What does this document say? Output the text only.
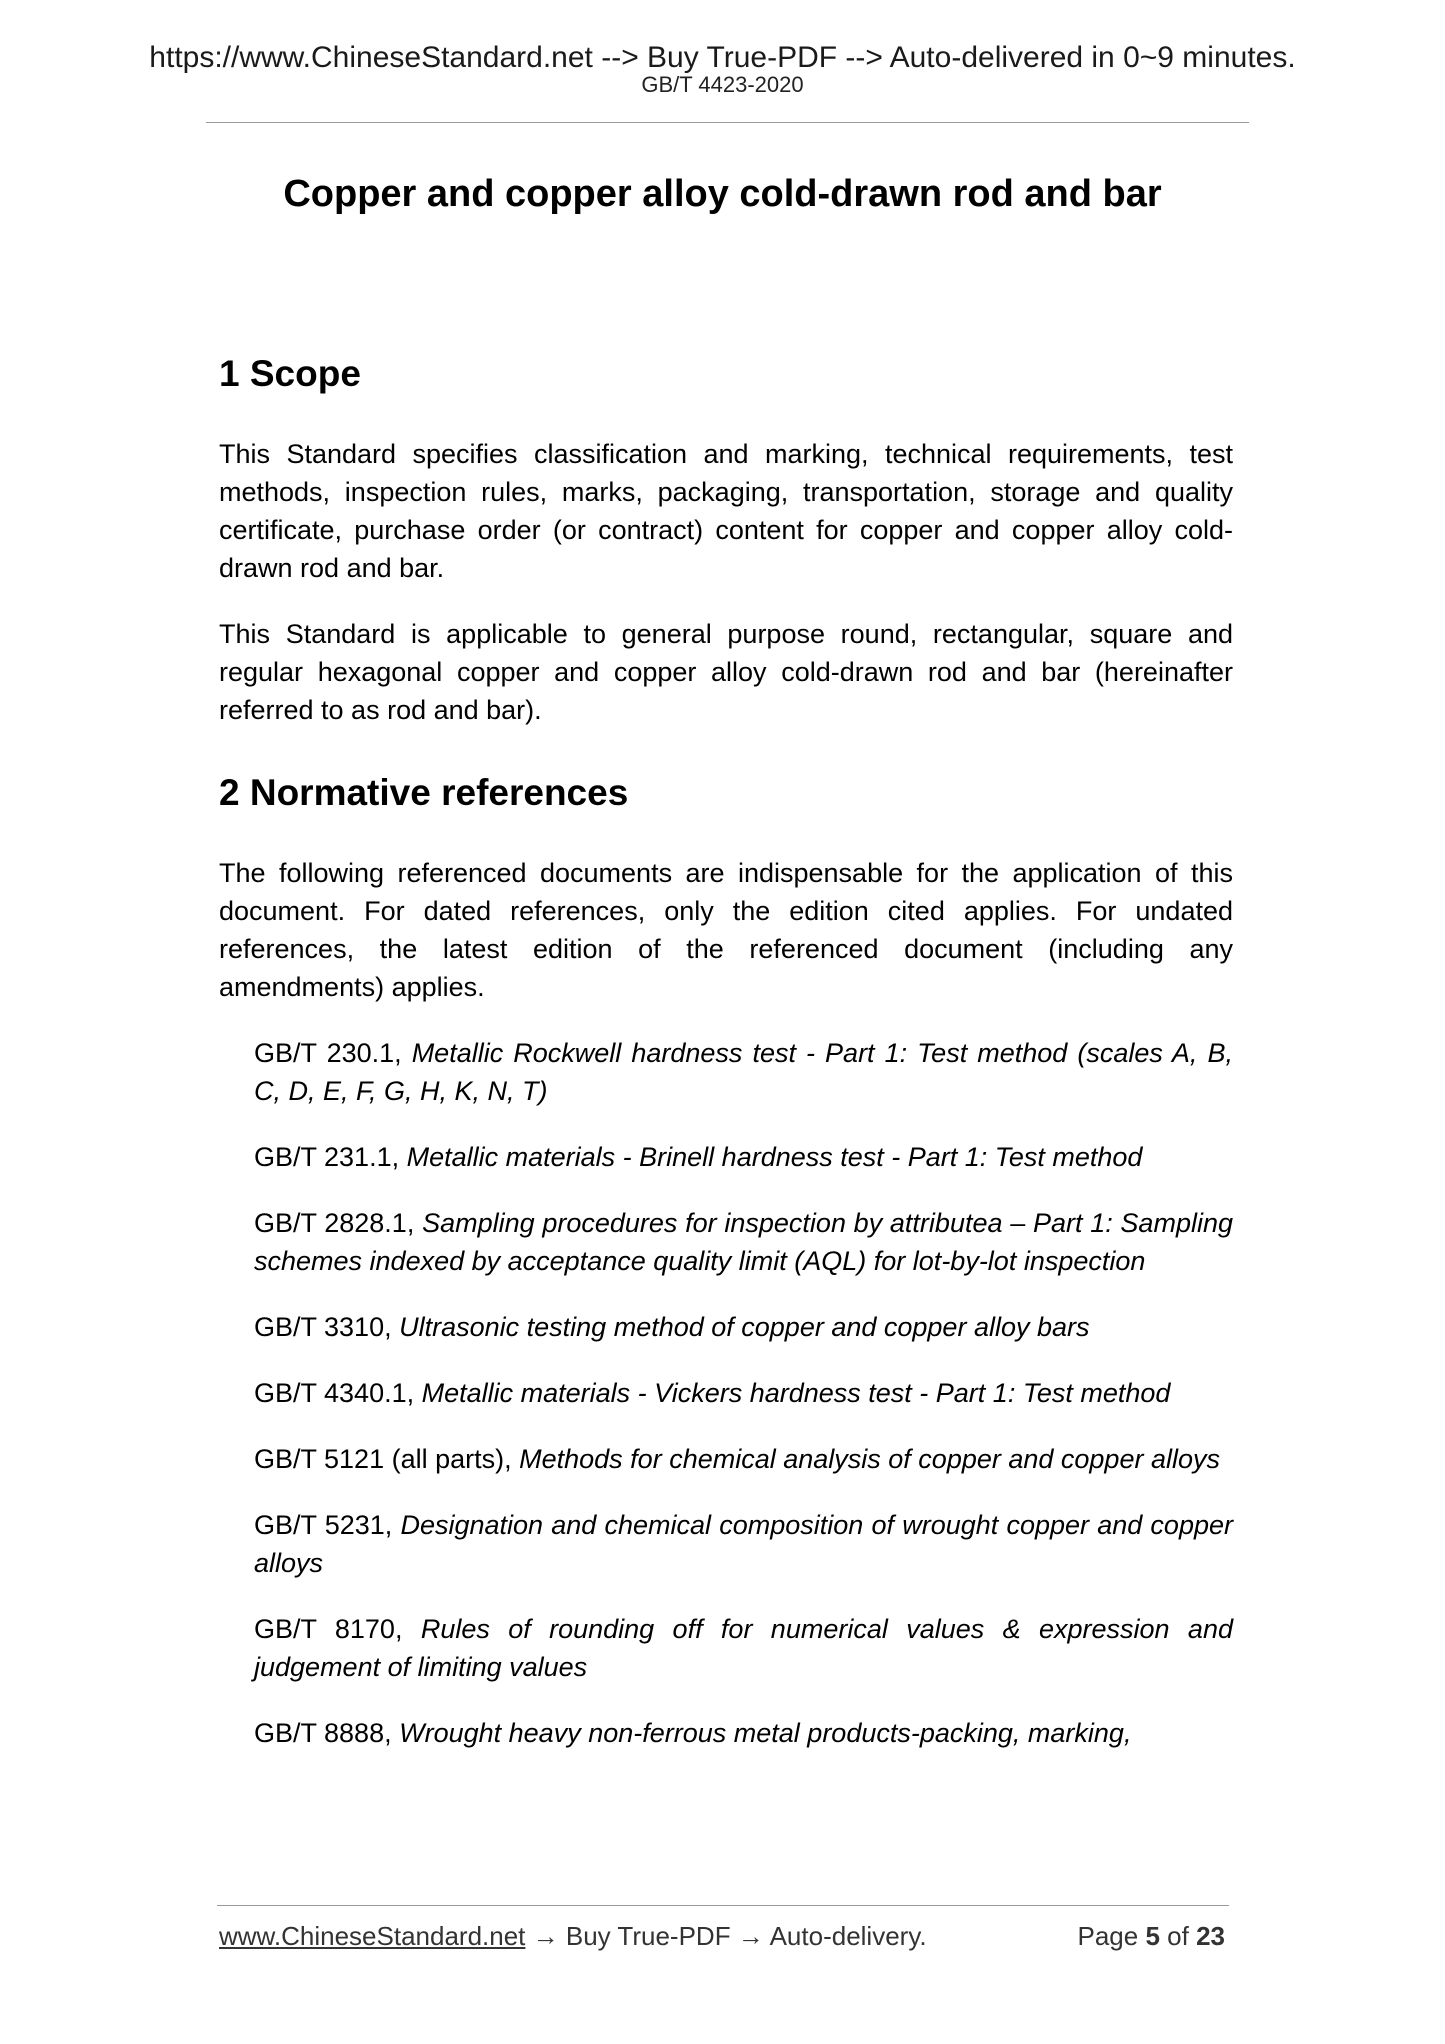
https://www.ChineseStandard.net --> Buy True-PDF --> Auto-delivered in 0~9 minutes.

GB/T 4423-2020

Copper and copper alloy cold-drawn rod and bar
1 Scope

This Standard specifies classification and marking, technical requirements, test methods, inspection rules, marks, packaging, transportation, storage and quality certificate, purchase order (or contract) content for copper and copper alloy cold-drawn rod and bar.

This Standard is applicable to general purpose round, rectangular, square and regular hexagonal copper and copper alloy cold-drawn rod and bar (hereinafter referred to as rod and bar).

2 Normative references

The following referenced documents are indispensable for the application of this document. For dated references, only the edition cited applies. For undated references, the latest edition of the referenced document (including any amendments) applies.

GB/T 230.1, Metallic Rockwell hardness test - Part 1: Test method (scales A, B, C, D, E, F, G, H, K, N, T)

GB/T 231.1, Metallic materials - Brinell hardness test - Part 1: Test method

GB/T 2828.1, Sampling procedures for inspection by attributea – Part 1: Sampling schemes indexed by acceptance quality limit (AQL) for lot-by-lot inspection

GB/T 3310, Ultrasonic testing method of copper and copper alloy bars

GB/T 4340.1, Metallic materials - Vickers hardness test - Part 1: Test method

GB/T 5121 (all parts), Methods for chemical analysis of copper and copper alloys

GB/T 5231, Designation and chemical composition of wrought copper and copper alloys

GB/T 8170, Rules of rounding off for numerical values & expression and judgement of limiting values

GB/T 8888, Wrought heavy non-ferrous metal products-packing, marking,

www.ChineseStandard.net → Buy True-PDF → Auto-delivery.	Page 5 of 23
